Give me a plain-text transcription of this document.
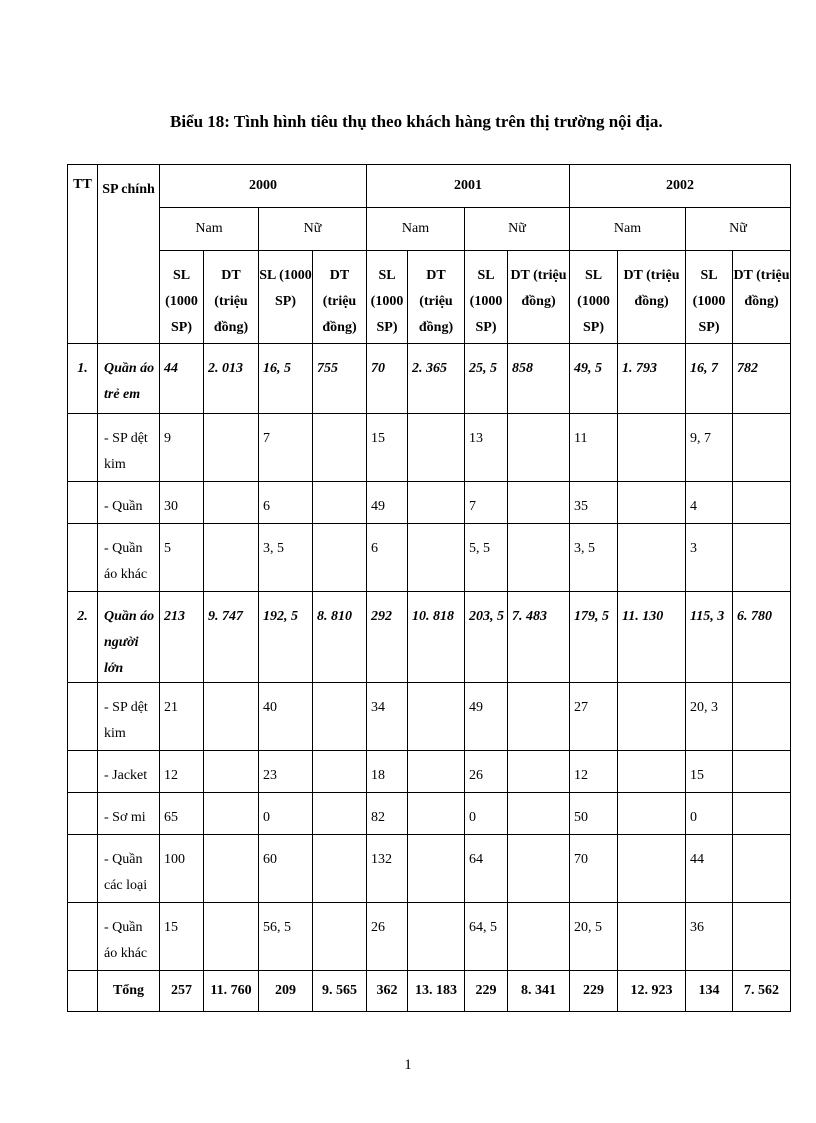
Biểu 18: Tình hình tiêu thụ theo khách hàng trên thị trường nội địa.
TT	SP chính	2000				2001				2002			
		Nam		Nữ		Nam		Nữ		Nam		Nữ	

		SL (1000 SP)	DT (triệu đồng)	SL (1000 SP)	DT (triệu đồng)	SL (1000 SP)	DT (triệu đồng)	SL (1000 SP)	DT (triệu đồng)	SL (1000 SP)	DT (triệu đồng)	SL (1000 SP)	DT (triệu đồng)

1.	Quần áo trẻ em	44	2. 013	16, 5	755	70	2. 365	25, 5	858	49, 5	1. 793	16, 7	782

	- SP dệt kim	9		7		15		13		11		9, 7	

	- Quần	30		6		49		7		35		4	

	- Quần áo khác	5		3, 5		6		5, 5		3, 5		3	

2.	Quần áo người lớn	213	9. 747	192, 5	8. 810	292	10. 818	203, 5	7. 483	179, 5	11. 130	115, 3	6. 780

	- SP dệt kim	21		40		34		49		27		20, 3	

	- Jacket	12		23		18		26		12		15	

	- Sơ mi	65		0		82		0		50		0	

	- Quần các loại	100		60		132		64		70		44	

	- Quần áo khác	15		56, 5		26		64, 5		20, 5		36	

	Tổng	257	11. 760	209	9. 565	362	13. 183	229	8. 341	229	12. 923	134	7. 562
1
